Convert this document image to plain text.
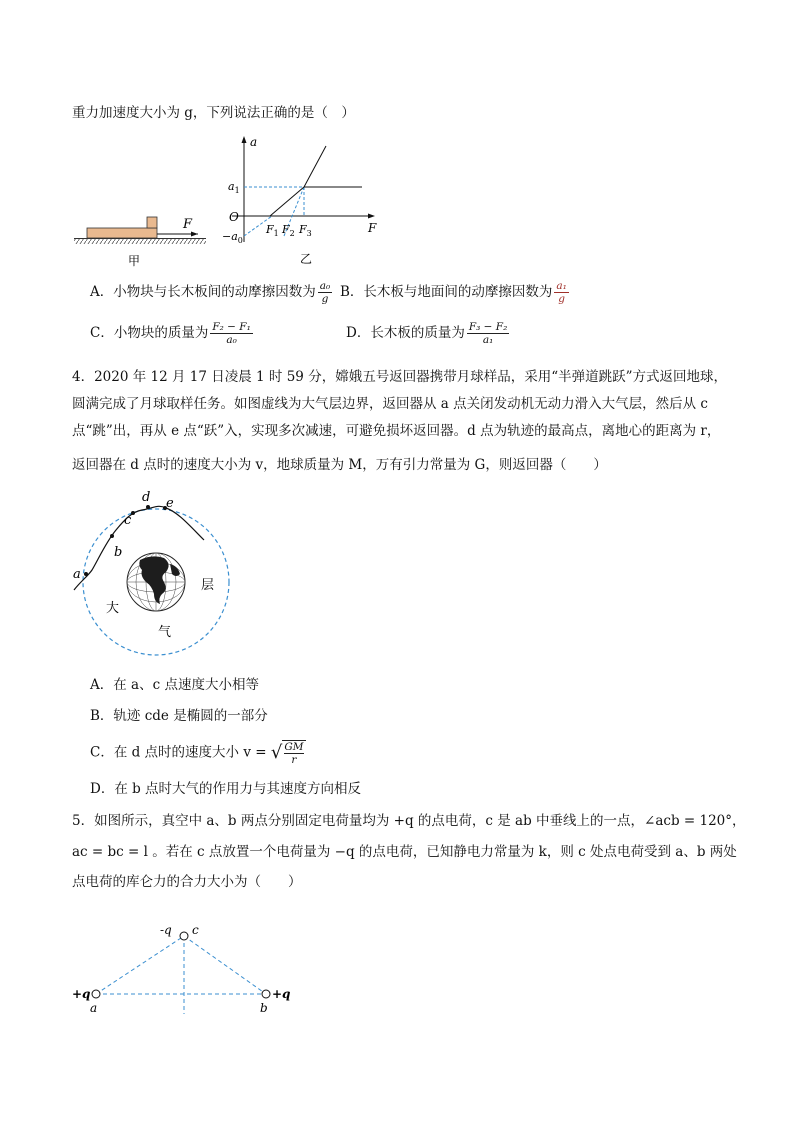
重力加速度大小为 g，下列说法正确的是（　）
F
甲
a
F
O
$a_1$
$-a_0$
$F_1$ $F_2$ $F_3$
乙
A．小物块与长木板间的动摩擦因数为 $\frac{\text{a₀}}{g}$ B．长木板与地面间的动摩擦因数为 $\frac{\text{a₁}}{g}$
C．小物块的质量为 $\frac{\text{F₂ − F₁}}{\text{a₀}}$	D．长木板的质量为 $\frac{\text{F₃ − F₂}}{\text{a₁}}$
4．2020 年 12 月 17 日凌晨 1 时 59 分，嫦娥五号返回器携带月球样品，采用“半弹道跳跃”方式返回地球，
圆满完成了月球取样任务。如图虚线为大气层边界，返回器从 a 点关闭发动机无动力滑入大气层，然后从 c
点“跳”出，再从 e 点“跃”入，实现多次减速，可避免损坏返回器。d 点为轨迹的最高点，离地心的距离为 r，
返回器在 d 点时的速度大小为 v，地球质量为 M，万有引力常量为 G，则返回器（　　）
a
b
c
d e
大
气
层
A．在 a、c 点速度大小相等
B．轨迹 cde 是椭圆的一部分
C．在 d 点时的速度大小 v = √ $\frac{GM}{r}$
D．在 b 点时大气的作用力与其速度方向相反
5．如图所示，真空中 a、b 两点分别固定电荷量均为 +q 的点电荷，c 是 ab 中垂线上的一点，∠acb = 120°，
ac = bc = l 。若在 c 点放置一个电荷量为 −q 的点电荷，已知静电力常量为 k，则 c 处点电荷受到 a、b 两处
点电荷的库仑力的合力大小为（　　）
-q c
+q
a
+q
b
